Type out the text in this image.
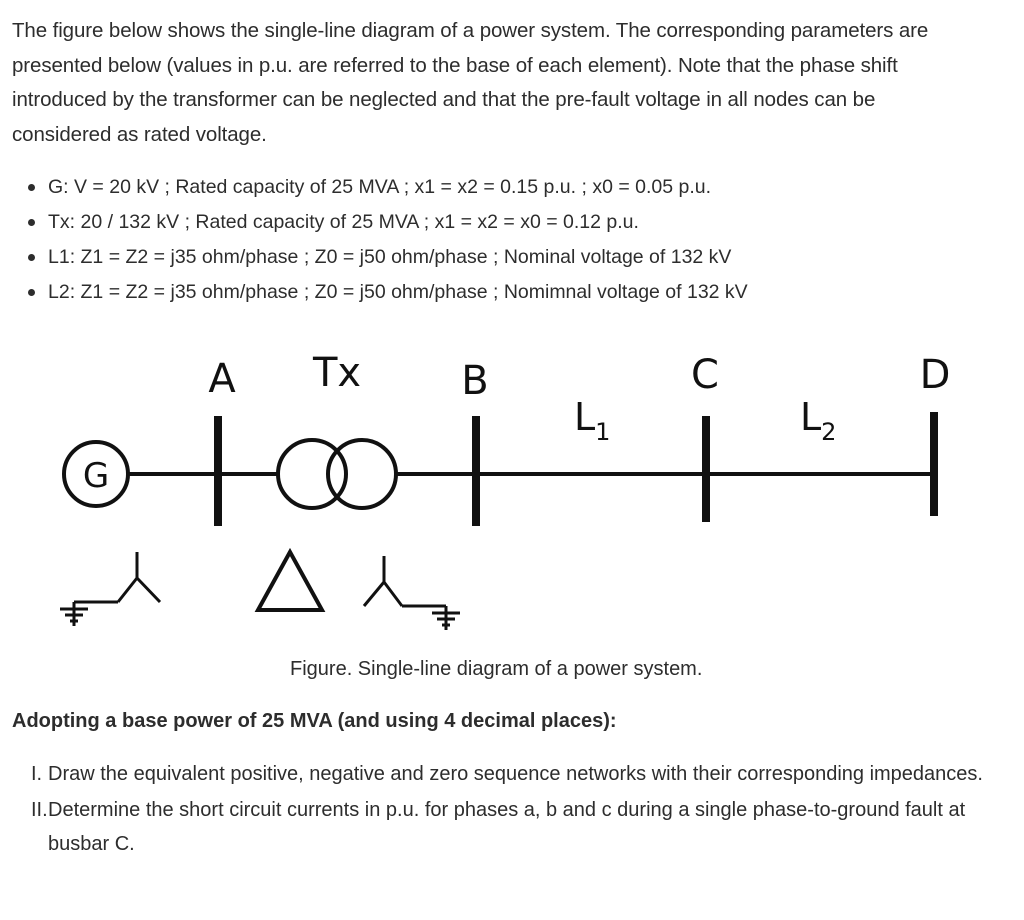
The figure below shows the single-line diagram of a power system. The corresponding parameters are
presented below (values in p.u. are referred to the base of each element). Note that the phase shift
introduced by the transformer can be neglected and that the pre-fault voltage in all nodes can be
considered as rated voltage.
G: V = 20 kV ; Rated capacity of 25 MVA ; x1 = x2 = 0.15 p.u. ; x0 = 0.05 p.u.
Tx: 20 / 132 kV ; Rated capacity of 25 MVA ; x1 = x2 = x0 = 0.12 p.u.
L1: Z1 = Z2 = j35 ohm/phase ; Z0 = j50 ohm/phase ; Nominal voltage of 132 kV
L2: Z1 = Z2 = j35 ohm/phase ; Z0 = j50 ohm/phase ; Nomimnal voltage of 132 kV
G
A Tx	B	C	D
$L_1$	$L_2$
Figure. Single-line diagram of a power system.
Adopting a base power of 25 MVA (and using 4 decimal places):
I. Draw the equivalent positive, negative and zero sequence networks with their corresponding impedances.
II. Determine the short circuit currents in p.u. for phases a, b and c during a single phase-to-ground fault at busbar C.
